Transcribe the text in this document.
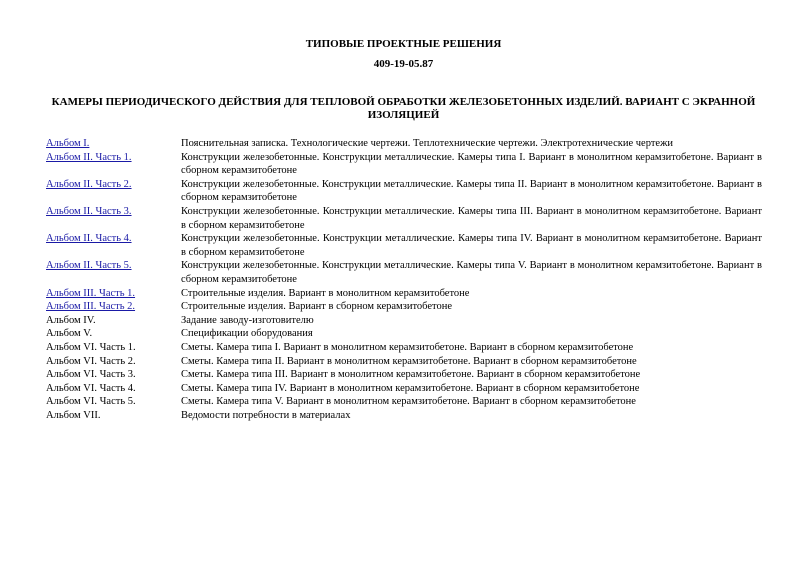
ТИПОВЫЕ ПРОЕКТНЫЕ РЕШЕНИЯ
409-19-05.87
КАМЕРЫ ПЕРИОДИЧЕСКОГО ДЕЙСТВИЯ ДЛЯ ТЕПЛОВОЙ ОБРАБОТКИ ЖЕЛЕЗОБЕТОННЫХ ИЗДЕЛИЙ. ВАРИАНТ С ЭКРАННОЙ ИЗОЛЯЦИЕЙ
Альбом I.	Пояснительная записка. Технологические чертежи. Теплотехнические чертежи. Электротехнические чертежи
Альбом II. Часть 1.	Конструкции железобетонные. Конструкции металлические. Камеры типа I. Вариант в монолитном керамзитобетоне. Вариант в сборном керамзитобетоне
Альбом II. Часть 2.	Конструкции железобетонные. Конструкции металлические. Камеры типа II. Вариант в монолитном керамзитобетоне. Вариант в сборном керамзитобетоне
Альбом II. Часть 3.	Конструкции железобетонные. Конструкции металлические. Камеры типа III. Вариант в монолитном керамзитобетоне. Вариант в сборном керамзитобетоне
Альбом II. Часть 4.	Конструкции железобетонные. Конструкции металлические. Камеры типа IV. Вариант в монолитном керамзитобетоне. Вариант в сборном керамзитобетоне
Альбом II. Часть 5.	Конструкции железобетонные. Конструкции металлические. Камеры типа V. Вариант в монолитном керамзитобетоне. Вариант в сборном керамзитобетоне
Альбом III. Часть 1.	Строительные изделия. Вариант в монолитном керамзитобетоне
Альбом III. Часть 2.	Строительные изделия. Вариант в сборном керамзитобетоне
Альбом IV.	Задание заводу-изготовителю
Альбом V.	Спецификации оборудования
Альбом VI. Часть 1.	Сметы. Камера типа I. Вариант в монолитном керамзитобетоне. Вариант в сборном керамзитобетоне
Альбом VI. Часть 2.	Сметы. Камера типа II. Вариант в монолитном керамзитобетоне. Вариант в сборном керамзитобетоне
Альбом VI. Часть 3.	Сметы. Камера типа III. Вариант в монолитном керамзитобетоне. Вариант в сборном керамзитобетоне
Альбом VI. Часть 4.	Сметы. Камера типа IV. Вариант в монолитном керамзитобетоне. Вариант в сборном керамзитобетоне
Альбом VI. Часть 5.	Сметы. Камера типа V. Вариант в монолитном керамзитобетоне. Вариант в сборном керамзитобетоне
Альбом VII.	Ведомости потребности в материалах
